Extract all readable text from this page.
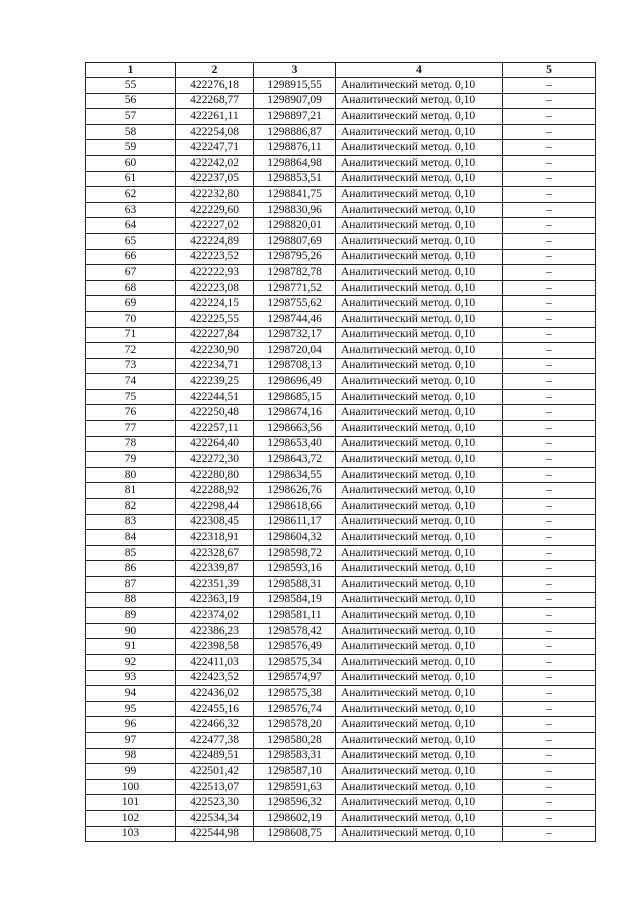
1	2	3	4	5
55	422276,18	1298915,55	Аналитический метод. 0,10	–
56	422268,77	1298907,09	Аналитический метод. 0,10	–
57	422261,11	1298897,21	Аналитический метод. 0,10	–
58	422254,08	1298886,87	Аналитический метод. 0,10	–
59	422247,71	1298876,11	Аналитический метод. 0,10	–
60	422242,02	1298864,98	Аналитический метод. 0,10	–
61	422237,05	1298853,51	Аналитический метод. 0,10	–
62	422232,80	1298841,75	Аналитический метод. 0,10	–
63	422229,60	1298830,96	Аналитический метод. 0,10	–
64	422227,02	1298820,01	Аналитический метод. 0,10	–
65	422224,89	1298807,69	Аналитический метод. 0,10	–
66	422223,52	1298795,26	Аналитический метод. 0,10	–
67	422222,93	1298782,78	Аналитический метод. 0,10	–
68	422223,08	1298771,52	Аналитический метод. 0,10	–
69	422224,15	1298755,62	Аналитический метод. 0,10	–
70	422225,55	1298744,46	Аналитический метод. 0,10	–
71	422227,84	1298732,17	Аналитический метод. 0,10	–
72	422230,90	1298720,04	Аналитический метод. 0,10	–
73	422234,71	1298708,13	Аналитический метод. 0,10	–
74	422239,25	1298696,49	Аналитический метод. 0,10	–
75	422244,51	1298685,15	Аналитический метод. 0,10	–
76	422250,48	1298674,16	Аналитический метод. 0,10	–
77	422257,11	1298663,56	Аналитический метод. 0,10	–
78	422264,40	1298653,40	Аналитический метод. 0,10	–
79	422272,30	1298643,72	Аналитический метод. 0,10	–
80	422280,80	1298634,55	Аналитический метод. 0,10	–
81	422288,92	1298626,76	Аналитический метод. 0,10	–
82	422298,44	1298618,66	Аналитический метод. 0,10	–
83	422308,45	1298611,17	Аналитический метод. 0,10	–
84	422318,91	1298604,32	Аналитический метод. 0,10	–
85	422328,67	1298598,72	Аналитический метод. 0,10	–
86	422339,87	1298593,16	Аналитический метод. 0,10	–
87	422351,39	1298588,31	Аналитический метод. 0,10	–
88	422363,19	1298584,19	Аналитический метод. 0,10	–
89	422374,02	1298581,11	Аналитический метод. 0,10	–
90	422386,23	1298578,42	Аналитический метод. 0,10	–
91	422398,58	1298576,49	Аналитический метод. 0,10	–
92	422411,03	1298575,34	Аналитический метод. 0,10	–
93	422423,52	1298574,97	Аналитический метод. 0,10	–
94	422436,02	1298575,38	Аналитический метод. 0,10	–
95	422455,16	1298576,74	Аналитический метод. 0,10	–
96	422466,32	1298578,20	Аналитический метод. 0,10	–
97	422477,38	1298580,28	Аналитический метод. 0,10	–
98	422489,51	1298583,31	Аналитический метод. 0,10	–
99	422501,42	1298587,10	Аналитический метод. 0,10	–
100	422513,07	1298591,63	Аналитический метод. 0,10	–
101	422523,30	1298596,32	Аналитический метод. 0,10	–
102	422534,34	1298602,19	Аналитический метод. 0,10	–
103	422544,98	1298608,75	Аналитический метод. 0,10	–
